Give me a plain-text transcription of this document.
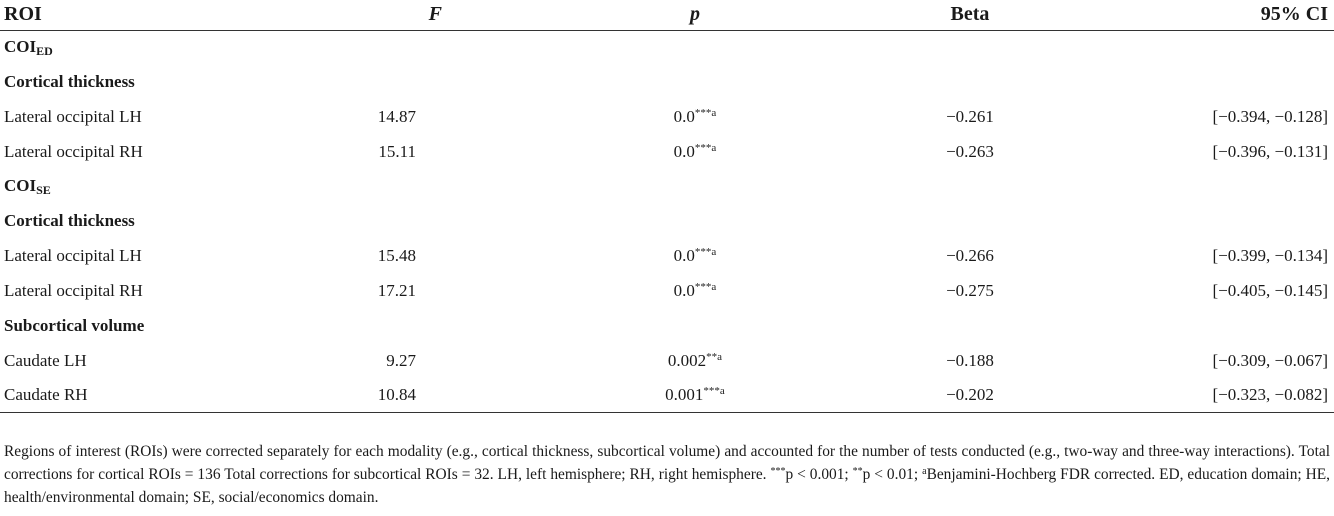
ROI	F	p	Beta	95% CI
$COI_{ED}$
Cortical thickness				
Lateral occipital LH	14.87	$0.0^{***a}$	−0.261	[−0.394, −0.128]
Lateral occipital RH	15.11	$0.0^{***a}$	−0.263	[−0.396, −0.131]
$COI_{SE}$
Cortical thickness				
Lateral occipital LH	15.48	$0.0^{***a}$	−0.266	[−0.399, −0.134]
Lateral occipital RH	17.21	$0.0^{***a}$	−0.275	[−0.405, −0.145]
Subcortical volume				
Caudate LH	9.27	$0.002^{**a}$	−0.188	[−0.309, −0.067]
Caudate RH	10.84	$0.001^{***a}$	−0.202	[−0.323, −0.082]
Regions of interest (ROIs) were corrected separately for each modality (e.g., cortical thickness, subcortical volume) and accounted for the number of tests conducted (e.g., two-way and three-way interactions). Total corrections for cortical ROIs = 136 Total corrections for subcortical ROIs = 32. LH, left hemisphere; RH, right hemisphere. ***p < 0.001; **p < 0.01; $^a$Benjamini-Hochberg FDR corrected. ED, education domain; HE, health/environmental domain; SE, social/economics domain.
